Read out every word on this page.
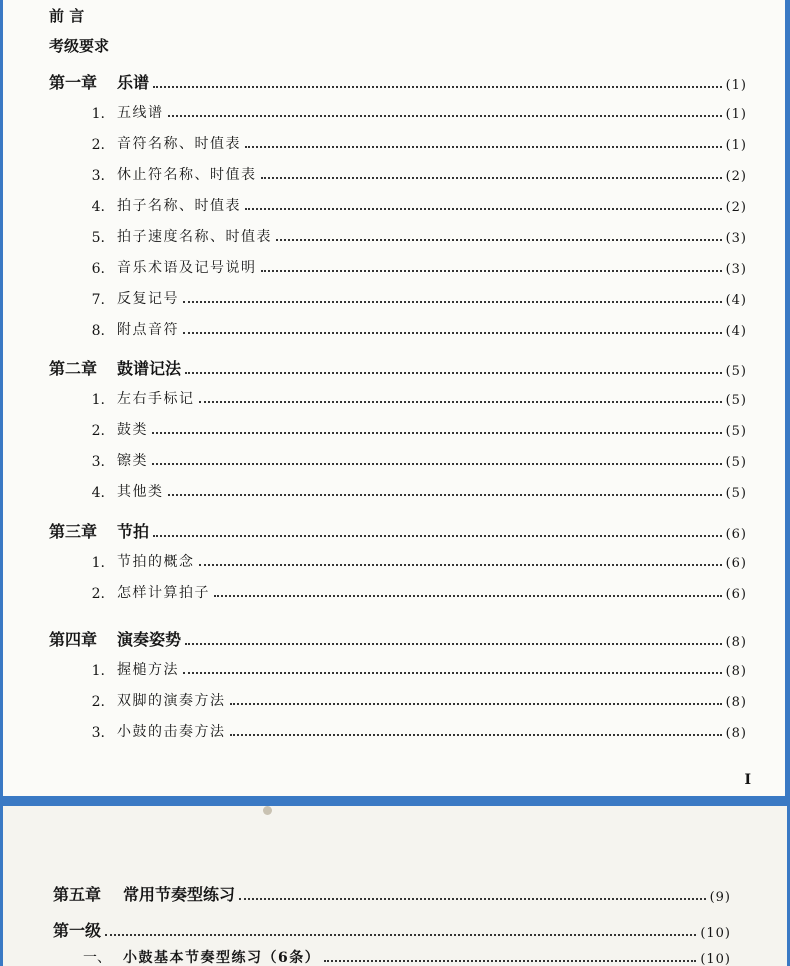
前 言
考级要求
第一章 乐谱	(1)
1. 五线谱	(1)
2. 音符名称、时值表	(1)
3. 休止符名称、时值表	(2)
4. 拍子名称、时值表	(2)
5. 拍子速度名称、时值表	(3)
6. 音乐术语及记号说明	(3)
7. 反复记号	(4)
8. 附点音符	(4)
第二章 鼓谱记法	(5)
1. 左右手标记	(5)
2. 鼓类	(5)
3. 镲类	(5)
4. 其他类	(5)
第三章 节拍	(6)
1. 节拍的概念	(6)
2. 怎样计算拍子	(6)
第四章 演奏姿势	(8)
1. 握槌方法	(8)
2. 双脚的演奏方法	(8)
3. 小鼓的击奏方法	(8)
I
第五章 常用节奏型练习	(9)
第一级	(10)
一、 小鼓基本节奏型练习（6条）	(10)
